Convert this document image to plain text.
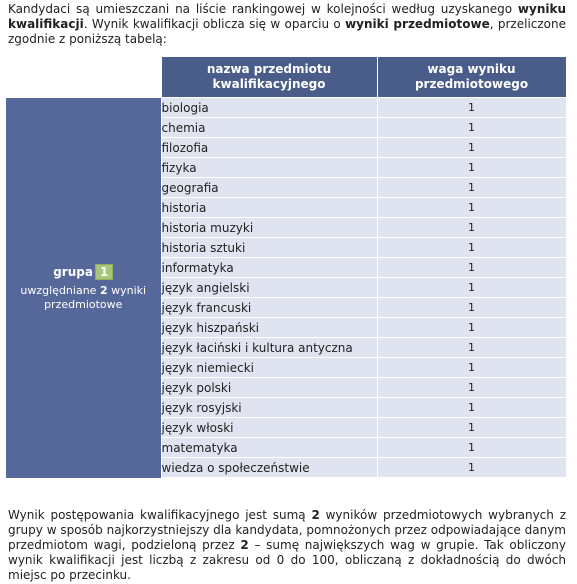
Kandydaci są umieszczani na liście rankingowej w kolejności według uzyskanego wyniku kwalifikacji. Wynik kwalifikacji oblicza się w oparciu o wyniki przedmiotowe, przeliczone zgodnie z poniższą tabelą:
	nazwa przedmiotu kwalifikacyjnego	waga wyniku przedmiotowego

grupa 1
uwzględniane 2 wyniki przedmiotowe	biologia	1
	chemia	1
	filozofia	1
	fizyka	1
	geografia	1
	historia	1
	historia muzyki	1
	historia sztuki	1
	informatyka	1
	język angielski	1
	język francuski	1
	język hiszpański	1
	język łaciński i kultura antyczna	1
	język niemiecki	1
	język polski	1
	język rosyjski	1
	język włoski	1
	matematyka	1
	wiedza o społeczeństwie	1
Wynik postępowania kwalifikacyjnego jest sumą 2 wyników przedmiotowych wybranych z grupy w sposób najkorzystniejszy dla kandydata, pomnożonych przez odpowiadające danym przedmiotom wagi, podzieloną przez 2 – sumę największych wag w grupie. Tak obliczony wynik kwalifikacji jest liczbą z zakresu od 0 do 100, obliczaną z dokładnością do dwóch miejsc po przecinku.
